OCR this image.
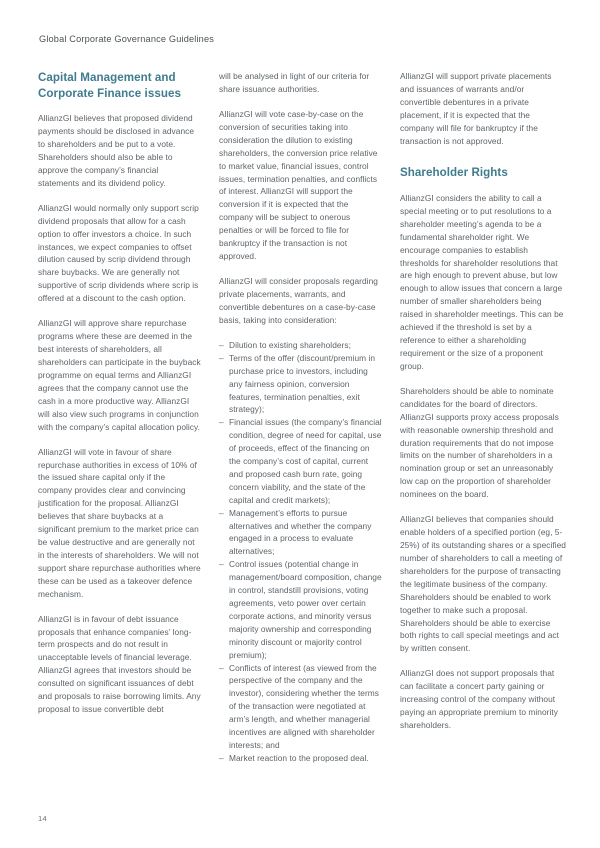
Global Corporate Governance Guidelines
Capital Management and Corporate Finance issues

AllianzGI believes that proposed dividend payments should be disclosed in advance to shareholders and be put to a vote. Shareholders should also be able to approve the company’s financial statements and its dividend policy.

AllianzGI would normally only support scrip dividend proposals that allow for a cash option to offer investors a choice. In such instances, we expect companies to offset dilution caused by scrip dividend through share buybacks. We are generally not supportive of scrip dividends where scrip is offered at a discount to the cash option.

AllianzGI will approve share repurchase programs where these are deemed in the best interests of shareholders, all shareholders can participate in the buyback programme on equal terms and AllianzGI agrees that the company cannot use the cash in a more productive way. AllianzGI will also view such programs in conjunction with the company’s capital allocation policy.

AllianzGI will vote in favour of share repurchase authorities in excess of 10% of the issued share capital only if the company provides clear and convincing justification for the proposal. AllianzGI believes that share buybacks at a significant premium to the market price can be value destructive and are generally not in the interests of shareholders. We will not support share repurchase authorities where these can be used as a takeover defence mechanism.

AllianzGI is in favour of debt issuance proposals that enhance companies’ long-term prospects and do not result in unacceptable levels of financial leverage. AllianzGI agrees that investors should be consulted on significant issuances of debt and proposals to raise borrowing limits. Any proposal to issue convertible debt

will be analysed in light of our criteria for share issuance authorities.

AllianzGI will vote case-by-case on the conversion of securities taking into consideration the dilution to existing shareholders, the conversion price relative to market value, financial issues, control issues, termination penalties, and conflicts of interest. AllianzGI will support the conversion if it is expected that the company will be subject to onerous penalties or will be forced to file for bankruptcy if the transaction is not approved.

AllianzGI will consider proposals regarding private placements, warrants, and convertible debentures on a case-by-case basis, taking into consideration:

– Dilution to existing shareholders;
– Terms of the offer (discount/premium in purchase price to investors, including any fairness opinion, conversion features, termination penalties, exit strategy);
– Financial issues (the company’s financial condition, degree of need for capital, use of proceeds, effect of the financing on the company’s cost of capital, current and proposed cash burn rate, going concern viability, and the state of the capital and credit markets);
– Management’s efforts to pursue alternatives and whether the company engaged in a process to evaluate alternatives;
– Control issues (potential change in management/board composition, change in control, standstill provisions, voting agreements, veto power over certain corporate actions, and minority versus majority ownership and corresponding minority discount or majority control premium);
– Conflicts of interest (as viewed from the perspective of the company and the investor), considering whether the terms of the transaction were negotiated at arm’s length, and whether managerial incentives are aligned with shareholder interests; and
– Market reaction to the proposed deal.

AllianzGI will support private placements and issuances of warrants and/or convertible debentures in a private placement, if it is expected that the company will file for bankruptcy if the transaction is not approved.

Shareholder Rights

AllianzGI considers the ability to call a special meeting or to put resolutions to a shareholder meeting’s agenda to be a fundamental shareholder right. We encourage companies to establish thresholds for shareholder resolutions that are high enough to prevent abuse, but low enough to allow issues that concern a large number of smaller shareholders being raised in shareholder meetings. This can be achieved if the threshold is set by a reference to either a shareholding requirement or the size of a proponent group.

Shareholders should be able to nominate candidates for the board of directors. AllianzGI supports proxy access proposals with reasonable ownership threshold and duration requirements that do not impose limits on the number of shareholders in a nomination group or set an unreasonably low cap on the proportion of shareholder nominees on the board.

AllianzGI believes that companies should enable holders of a specified portion (eg, 5-25%) of its outstanding shares or a specified number of shareholders to call a meeting of shareholders for the purpose of transacting the legitimate business of the company. Shareholders should be enabled to work together to make such a proposal. Shareholders should be able to exercise both rights to call special meetings and act by written consent.

AllianzGI does not support proposals that can facilitate a concert party gaining or increasing control of the company without paying an appropriate premium to minority shareholders.

14
